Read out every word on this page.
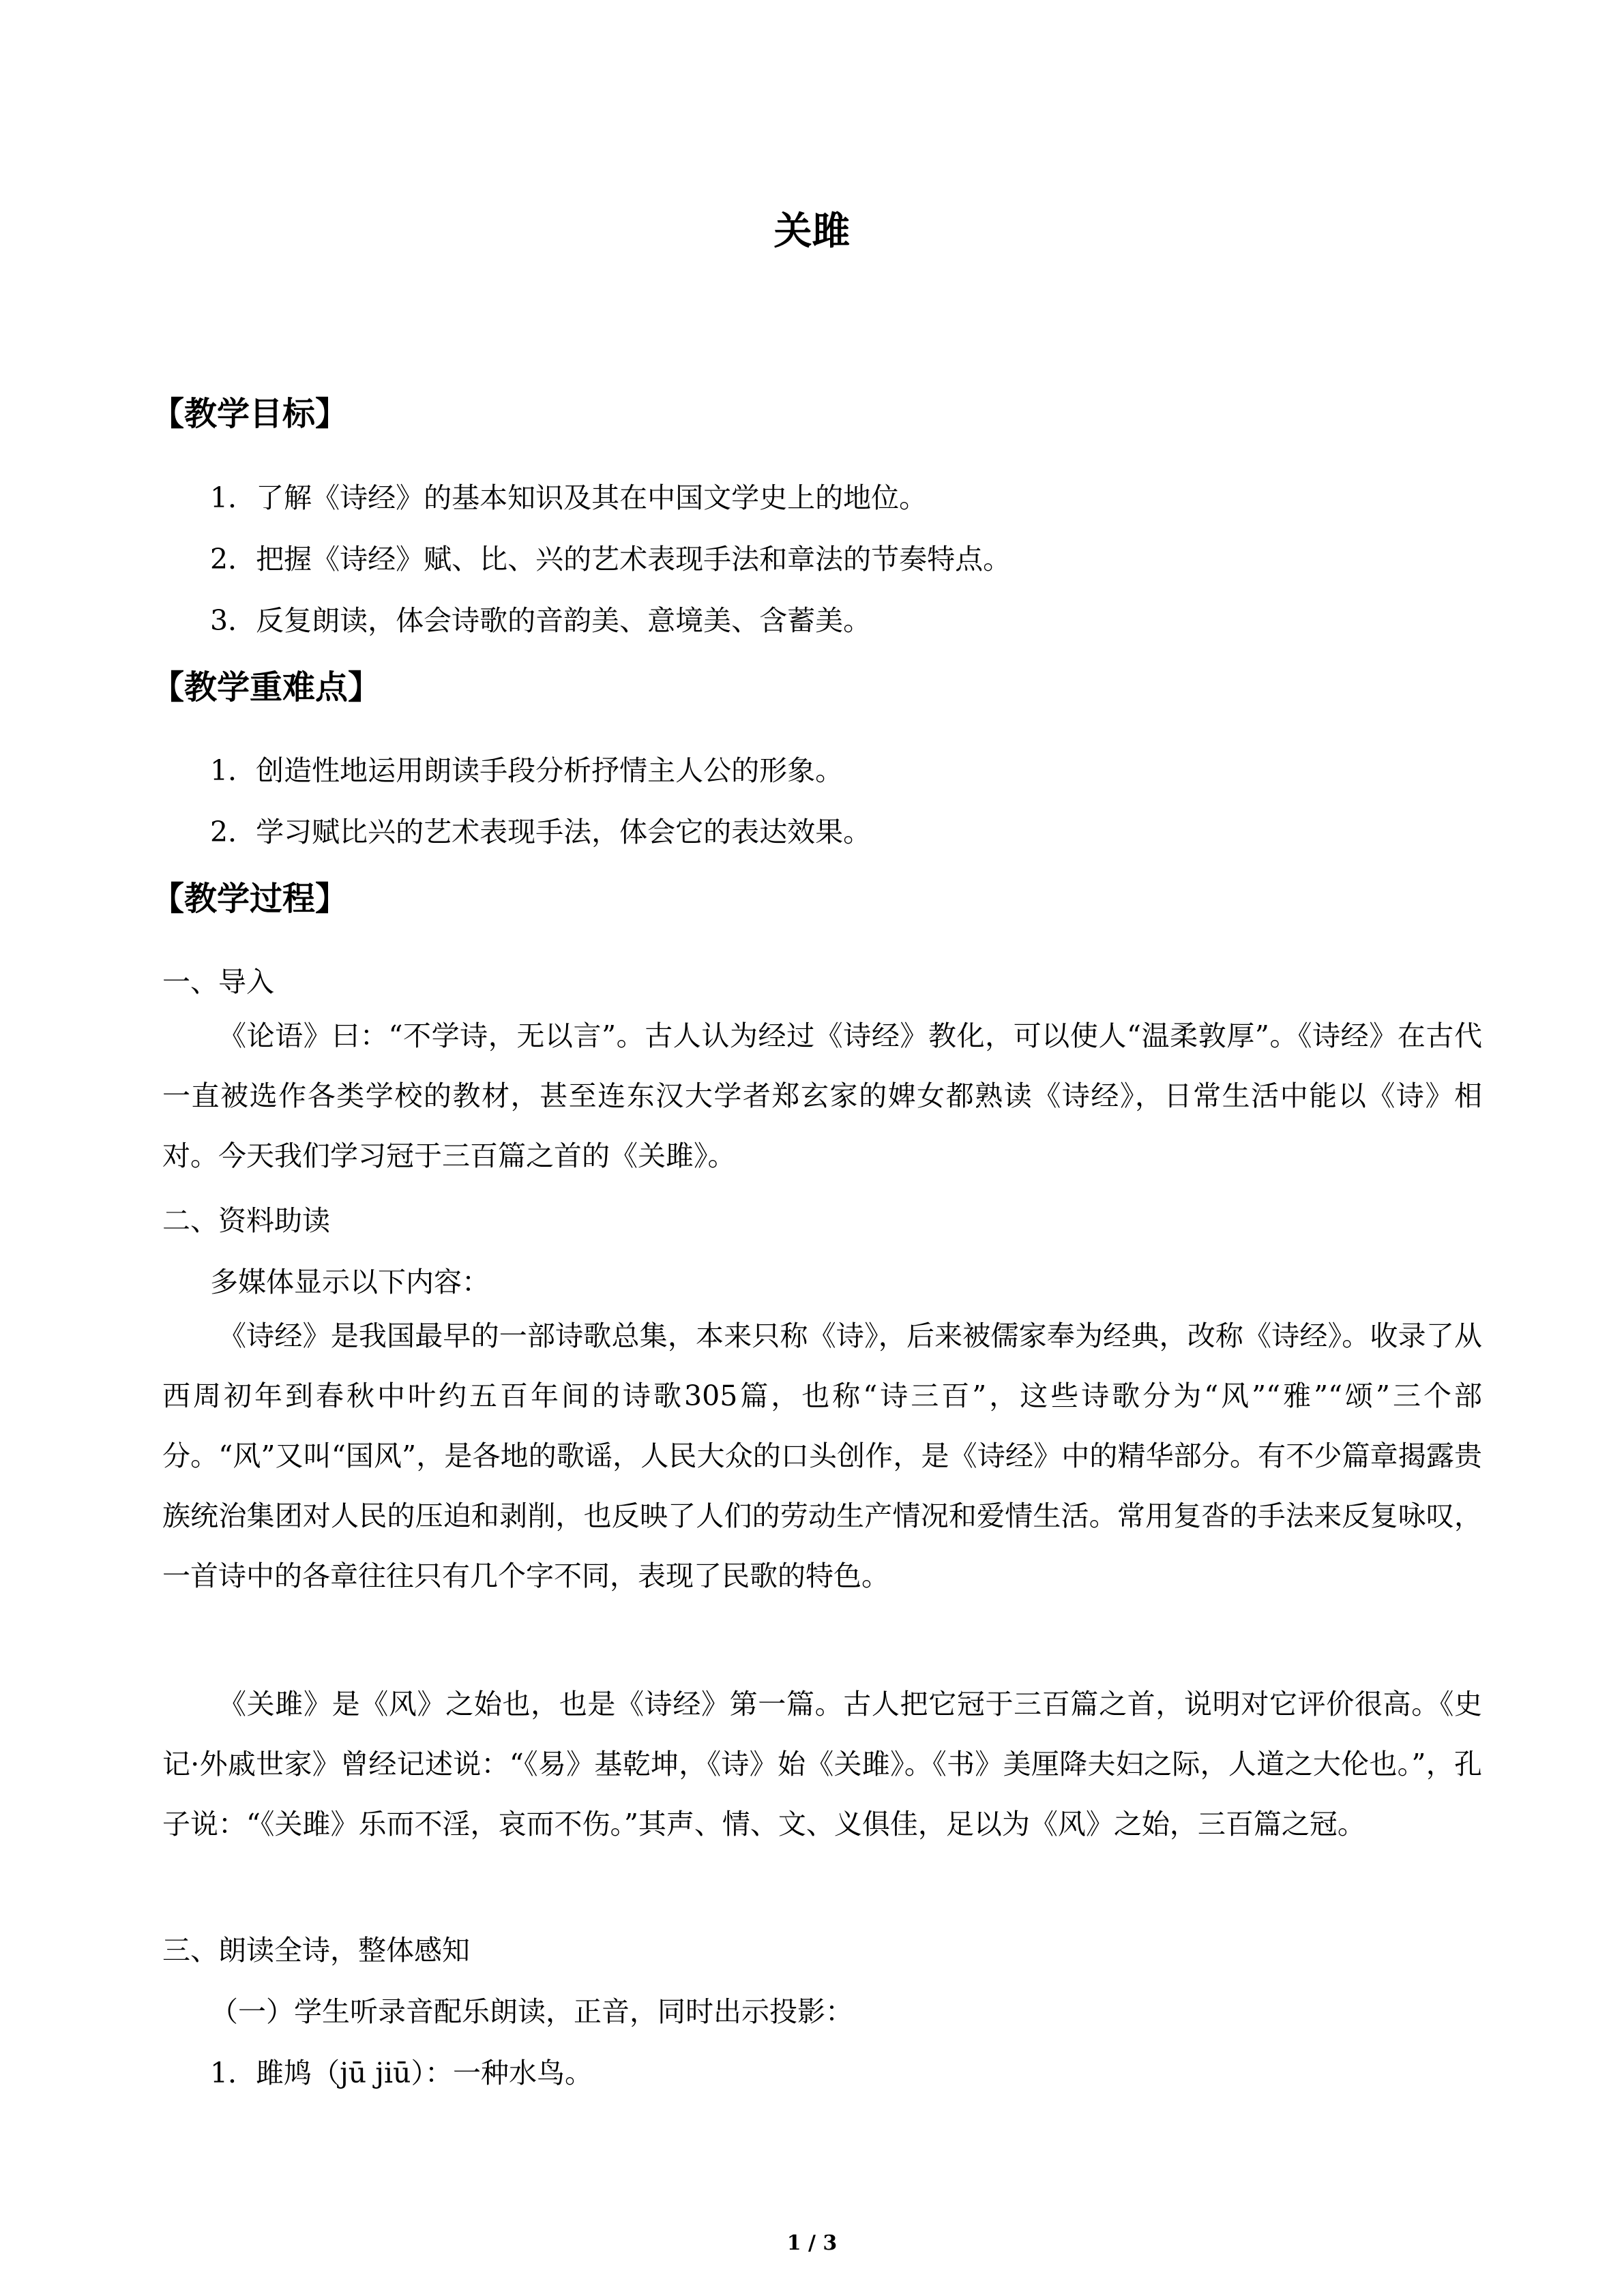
关雎
【教学目标】
1．了解《诗经》的基本知识及其在中国文学史上的地位。
2．把握《诗经》赋、比、兴的艺术表现手法和章法的节奏特点。
3．反复朗读，体会诗歌的音韵美、意境美、含蓄美。
【教学重难点】
1．创造性地运用朗读手段分析抒情主人公的形象。
2．学习赋比兴的艺术表现手法，体会它的表达效果。
【教学过程】
一、导入
《论语》曰：“不学诗，无以言”。古人认为经过《诗经》教化，可以使人“温柔敦厚”。《诗经》在古代一直被选作各类学校的教材，甚至连东汉大学者郑玄家的婢女都熟读《诗经》，日常生活中能以《诗》相对。今天我们学习冠于三百篇之首的《关雎》。
二、资料助读
多媒体显示以下内容：
《诗经》是我国最早的一部诗歌总集，本来只称《诗》，后来被儒家奉为经典，改称《诗经》。收录了从西周初年到春秋中叶约五百年间的诗歌305篇，也称“诗三百”，这些诗歌分为“风”“雅”“颂”三个部分。“风”又叫“国风”，是各地的歌谣，人民大众的口头创作，是《诗经》中的精华部分。有不少篇章揭露贵族统治集团对人民的压迫和剥削，也反映了人们的劳动生产情况和爱情生活。常用复沓的手法来反复咏叹，一首诗中的各章往往只有几个字不同，表现了民歌的特色。
《关雎》是《风》之始也，也是《诗经》第一篇。古人把它冠于三百篇之首，说明对它评价很高。《史记·外戚世家》曾经记述说：“《易》基乾坤，《诗》始《关雎》。《书》美厘降夫妇之际，人道之大伦也。”，孔子说：“《关雎》乐而不淫，哀而不伤。”其声、情、文、义俱佳，足以为《风》之始，三百篇之冠。
三、朗读全诗，整体感知
（一）学生听录音配乐朗读，正音，同时出示投影：
1．雎鸠（jū jiū）：一种水鸟。
1 / 3
